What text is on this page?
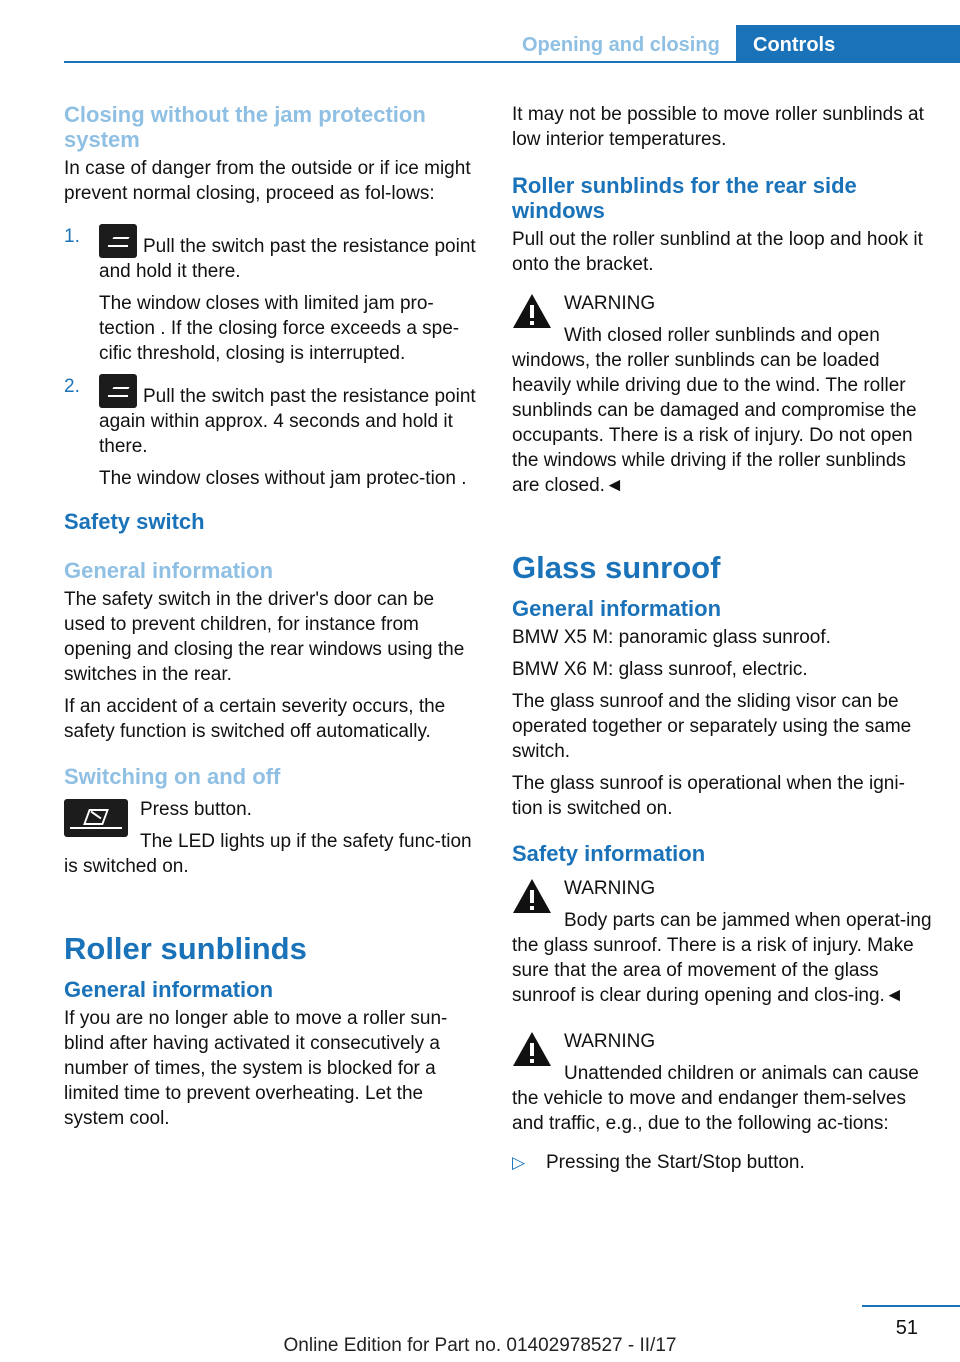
Opening and closing Controls
Closing without the jam protection system

In case of danger from the outside or if ice might prevent normal closing, proceed as fol-lows:

1.	Pull the switch past the resistance point and hold it there.

The window closes with limited jam pro-tection . If the closing force exceeds a spe-cific threshold, closing is interrupted.

2.	Pull the switch past the resistance point again within approx. 4 seconds and hold it there.

The window closes without jam protec-tion .

Safety switch
General information

The safety switch in the driver's door can be used to prevent children, for instance from opening and closing the rear windows using the switches in the rear.

If an accident of a certain severity occurs, the safety function is switched off automatically.

Switching on and off

Press button.

The LED lights up if the safety func-tion is switched on.

Roller sunblinds
General information

If you are no longer able to move a roller sun-blind after having activated it consecutively a number of times, the system is blocked for a limited time to prevent overheating. Let the system cool.

It may not be possible to move roller sunblinds at low interior temperatures.

Roller sunblinds for the rear side windows

Pull out the roller sunblind at the loop and hook it onto the bracket.

WARNING

With closed roller sunblinds and open windows, the roller sunblinds can be loaded heavily while driving due to the wind. The roller sunblinds can be damaged and compromise the occupants. There is a risk of injury. Do not open the windows while driving if the roller sunblinds are closed.◄

Glass sunroof
General information

BMW X5 M: panoramic glass sunroof.

BMW X6 M: glass sunroof, electric.

The glass sunroof and the sliding visor can be operated together or separately using the same switch.

The glass sunroof is operational when the igni-tion is switched on.

Safety information

WARNING

Body parts can be jammed when operat-ing the glass sunroof. There is a risk of injury. Make sure that the area of movement of the glass sunroof is clear during opening and clos-ing.◄

WARNING

Unattended children or animals can cause the vehicle to move and endanger them-selves and traffic, e.g., due to the following ac-tions:

▷ Pressing the Start/Stop button.

51
Online Edition for Part no. 01402978527 - II/17
